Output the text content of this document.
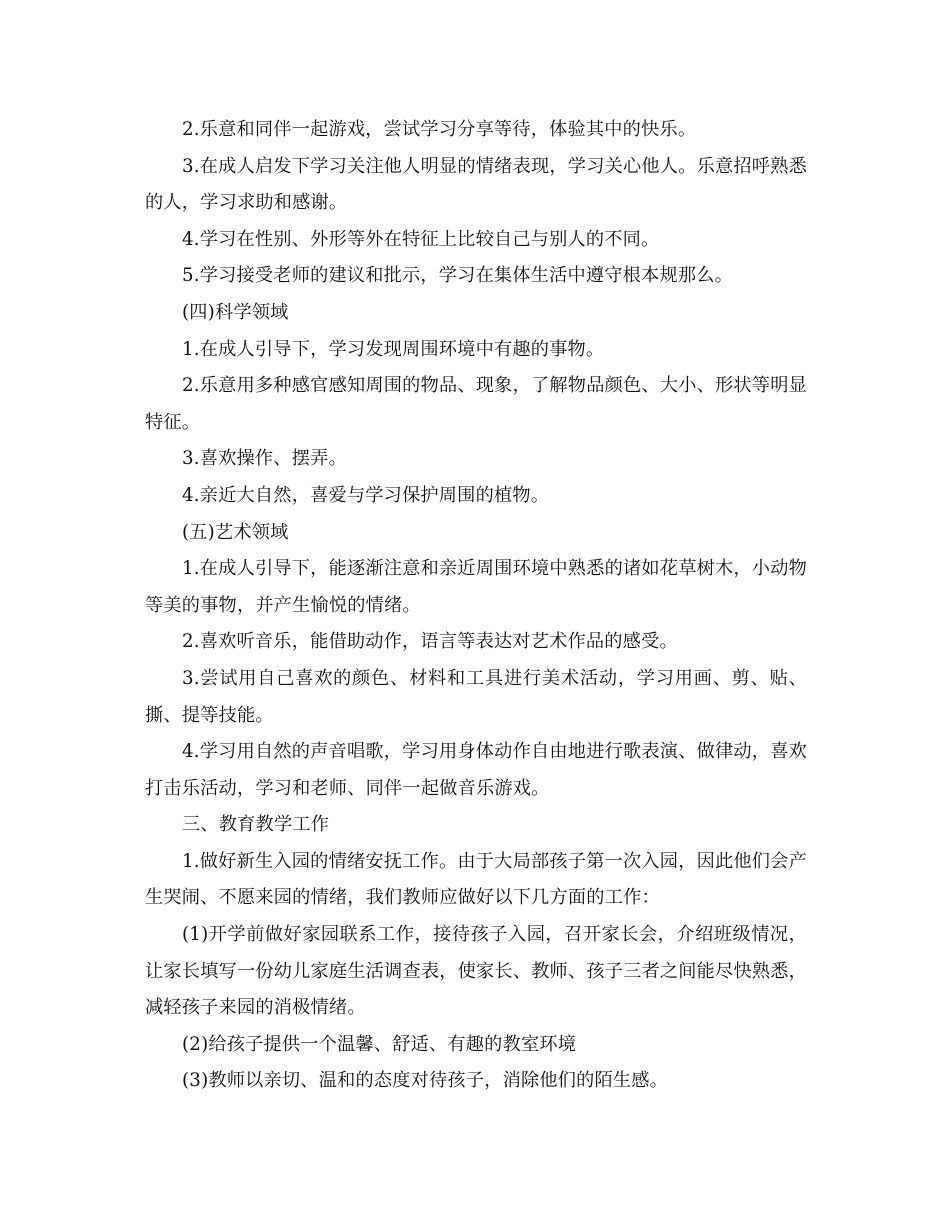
2.乐意和同伴一起游戏，尝试学习分享等待，体验其中的快乐。

3.在成人启发下学习关注他人明显的情绪表现，学习关心他人。乐意招呼熟悉的人，学习求助和感谢。

4.学习在性别、外形等外在特征上比较自己与别人的不同。

5.学习接受老师的建议和批示，学习在集体生活中遵守根本规那么。

(四)科学领域

1.在成人引导下，学习发现周围环境中有趣的事物。

2.乐意用多种感官感知周围的物品、现象，了解物品颜色、大小、形状等明显特征。

3.喜欢操作、摆弄。

4.亲近大自然，喜爱与学习保护周围的植物。

(五)艺术领域

1.在成人引导下，能逐渐注意和亲近周围环境中熟悉的诸如花草树木，小动物等美的事物，并产生愉悦的情绪。

2.喜欢听音乐，能借助动作，语言等表达对艺术作品的感受。

3.尝试用自己喜欢的颜色、材料和工具进行美术活动，学习用画、剪、贴、撕、提等技能。

4.学习用自然的声音唱歌，学习用身体动作自由地进行歌表演、做律动，喜欢打击乐活动，学习和老师、同伴一起做音乐游戏。

三、教育教学工作

1.做好新生入园的情绪安抚工作。由于大局部孩子第一次入园，因此他们会产生哭闹、不愿来园的情绪，我们教师应做好以下几方面的工作：

(1)开学前做好家园联系工作，接待孩子入园，召开家长会，介绍班级情况，让家长填写一份幼儿家庭生活调查表，使家长、教师、孩子三者之间能尽快熟悉，减轻孩子来园的消极情绪。

(2)给孩子提供一个温馨、舒适、有趣的教室环境

(3)教师以亲切、温和的态度对待孩子，消除他们的陌生感。
